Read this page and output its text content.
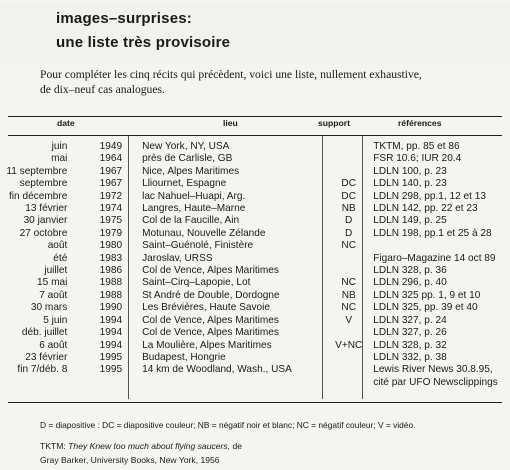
images–surprises:
une liste très provisoire
Pour compléter les cinq récits qui précèdent, voici une liste, nullement exhaustive,
de dix–neuf cas analogues.
date	lieu	support	références
juin	1949	New York, NY, USA		TKTM, pp. 85 et 86
mai	1964	près de Carlisle, GB		FSR 10.6; IUR 20.4
11 septembre	1967	Nice, Alpes Maritimes		LDLN 100, p. 23
septembre	1967	Lliournet, Espagne	DC	LDLN 140, p. 23
fin décembre	1972	lac Nahuel–Huapi, Arg.	DC	LDLN 298, pp.1, 12 et 13
13 février	1974	Langres, Haute–Marne	NB	LDLN 142, pp. 22 et 23
30 janvier	1975	Col de la Faucille, Ain	D	LDLN 149, p. 25
27 octobre	1979	Motunau, Nouvelle Zélande	D	LDLN 198, pp.1 et 25 à 28
août	1980	Saint–Guénolé, Finistère	NC	
été	1983	Jaroslav, URSS		Figaro–Magazine 14 oct 89
juillet	1986	Col de Vence, Alpes Maritimes		LDLN 328, p. 36
15 mai	1988	Saint–Cirq–Lapopie, Lot	NC	LDLN 296, p. 40
7 août	1988	St André de Double, Dordogne	NB	LDLN 325 pp. 1, 9 et 10
30 mars	1990	Les Brévières, Haute Savoie	NC	LDLN 325, pp. 39 et 40
5 juin	1994	Col de Vence, Alpes Maritimes	V	LDLN 327, p. 24
déb. juillet	1994	Col de Vence, Alpes Maritimes		LDLN 327, p. 26
6 août	1994	La Moulière, Alpes Maritimes	V+NC	LDLN 328, p. 32
23 février	1995	Budapest, Hongrie		LDLN 332, p. 38
fin 7/déb. 8	1995	14 km de Woodland, Wash., USA		Lewis River News 30.8.95,
				cité par UFO Newsclippings
D = diapositive : DC = diapositive couleur; NB = négatif noir et blanc; NC = négatif couleur; V = vidéo.
TKTM: They Knew too much about flying saucers, de
Gray Barker, University Books, New York, 1956
